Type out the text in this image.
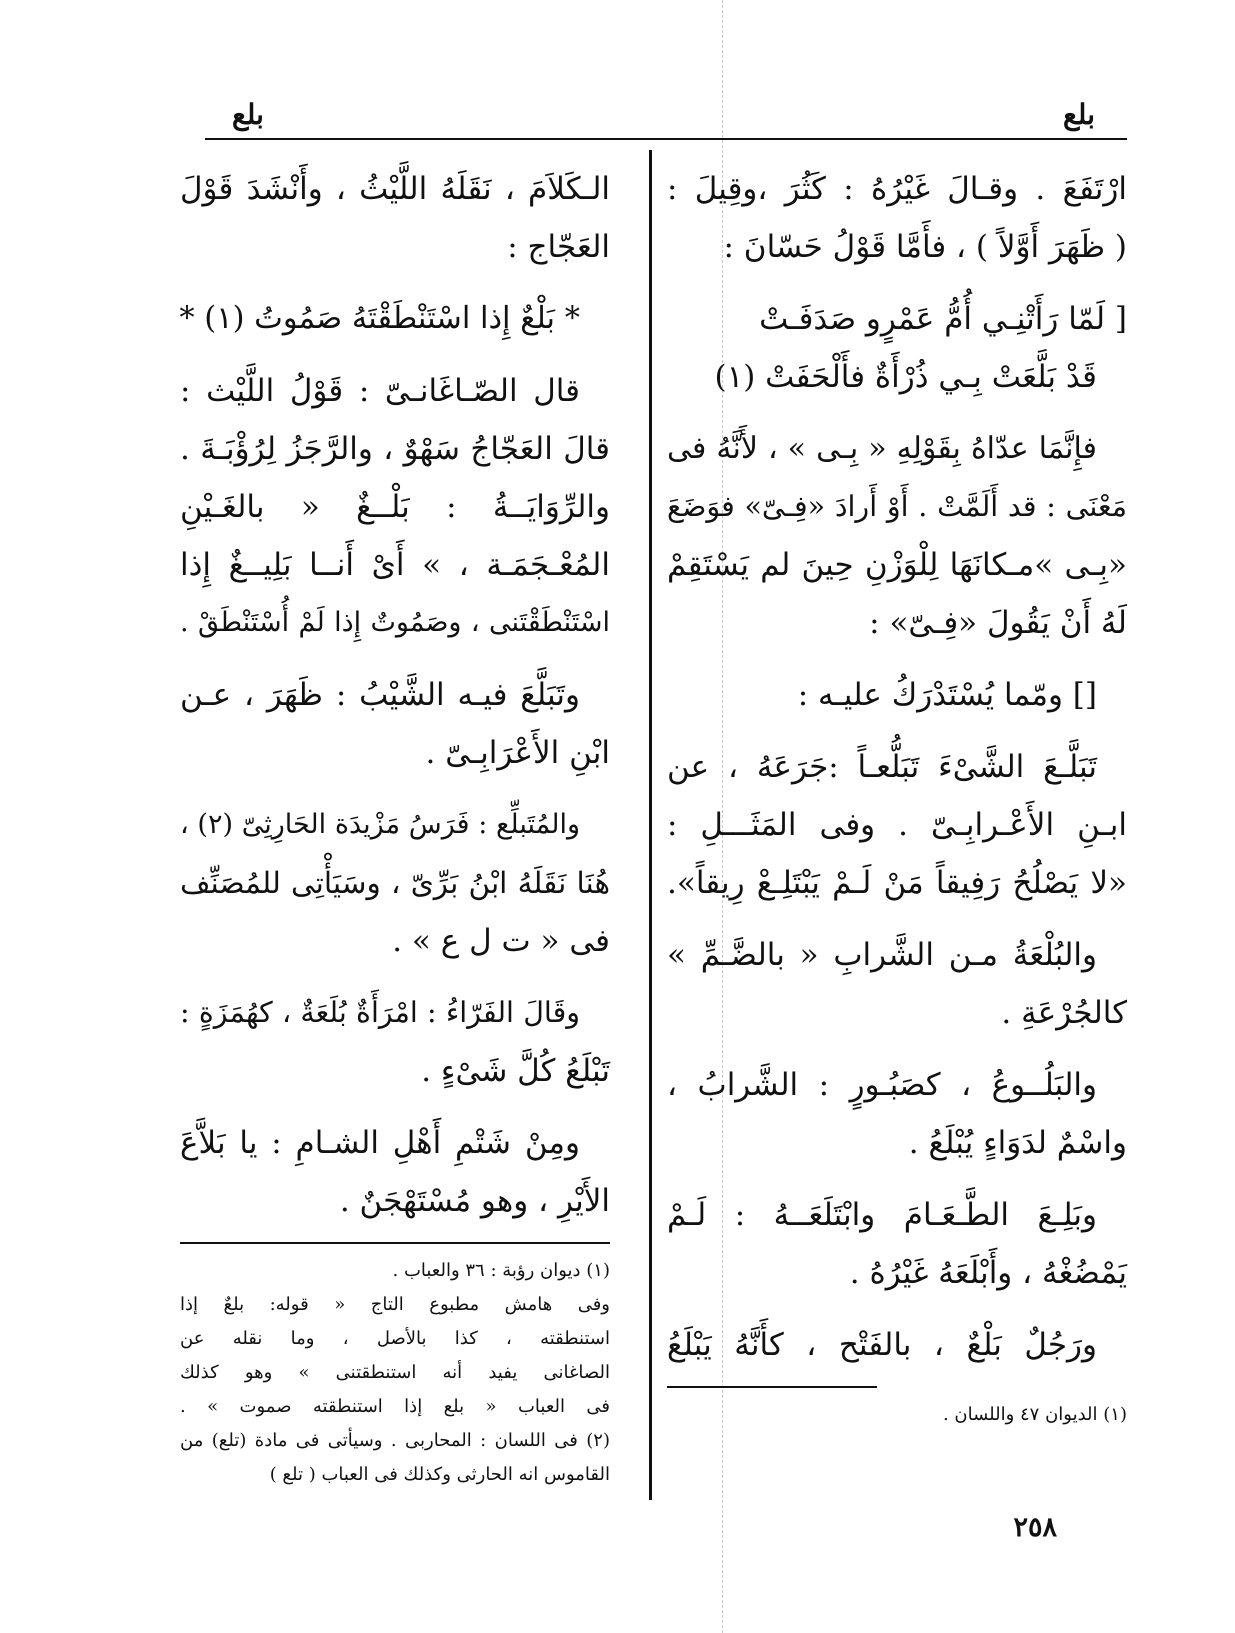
بلع	بلع
ارْتَفَعَ . وقـالَ غَيْرُهُ : كَثُرَ ،وقِيلَ :
( ظَهَرَ أَوَّلاً ) ، فأَمَّا قَوْلُ حَسّانَ :
[ لَمّا رَأَتْنِـي أُمُّ عَمْرٍو صَدَفَـتْ
قَدْ بَلَّعَتْ بِـي ذُرْأَةٌ فأَلْحَفَتْ (١)
فإِنَّمَا عدّاهُ بِقَوْلِهِ « بِـى » ، لأَنَّهُ فى
مَعْنَى : قد أَلَمَّتْ . أَوْ أَرادَ «فِـىّ» فوَضَعَ
«بِـى »مـكانَهَا لِلْوَزْنِ حِينَ لم يَسْتَقِمْ
لَهُ أَنْ يَقُولَ «فِـىّ» :
[] ومّما يُسْتَدْرَكُ عليـه :
تَبَلَّـعَ الشَّىْءَ تَبَلُّعـاً :جَرَعَهُ ، عن
ابـنِ الأَعْـرابِـىّ . وفى المَثَـــلِ :
«لا يَصْلُحُ رَفِيقاً مَنْ لَـمْ يَبْتَلِـعْ رِيقاً».
والبُلْعَةُ مـن الشَّرابِ « بالضَّـمِّ »
كالجُرْعَةِ .
والبَلُــوعُ ، كصَبُـورٍ : الشَّرابُ ،
واسْمٌ لدَوَاءٍ يُبْلَعُ .
وبَلِـعَ الطَّـعَـامَ وابْتَلَعَــهُ : لَـمْ
يَمْضُغْهُ ، وأَبْلَعَهُ غَيْرُهُ .
ورَجُلٌ بَلْعٌ ، بالفَتْح ، كأَنَّهُ يَبْلَعُ
(١) الديوان ٤٧ واللسان .
الـكَلاَمَ ، نَقَلَهُ اللَّيْثُ ، وأَنْشَدَ قَوْلَ
العَجّاج :
* بَلْعٌ إِذا اسْتَنْطَقْتَهُ صَمُوتُ (١) *
قال الصّـاغَانـىّ : قَوْلُ اللَّيْث :
قالَ العَجّاجُ سَهْوٌ ، والرَّجَزُ لِرُؤْبَـةَ .
والرِّوَايَــةُ : بَلْــغٌ « بالغَـيْنِ
المُعْـجَمَـة ، » أَىْ أَنــا بَلِيــغٌ إِذا
اسْتَنْطَقْتَنى ، وصَمُوتٌ إِذا لَمْ أُسْتَنْطَقْ .
وتَبَلَّعَ فيـه الشَّيْبُ : ظَهَرَ ، عـن
ابْنِ الأَعْرَابِـىّ .
والمُتَبلِّع : فَرَسُ مَزْيدَة الحَارِثِىّ (٢) ،
هُنَا نَقَلَهُ ابْنُ بَرِّىّ ، وسَيَأْتِى للمُصَنِّف
فى « ت ل ع » .
وقَالَ الفَرّاءُ : امْرَأَةٌ بُلَعَةٌ ، كهُمَزَةٍ :
تَبْلَعُ كُلَّ شَىْءٍ .
ومِنْ شَتْمِ أَهْلِ الشـامِ : يا بَلاَّعَ
الأَيْرِ ، وهو مُسْتَهْجَنٌ .
(١) ديوان رؤبة : ٣٦ والعباب .
وفى هامش مطبوع التاج « قوله: بلعٌ إذا
استنطقته ، كذا بالأصل ، وما نقله عن
الصاغانى يفيد أنه استنطقتنى » وهو كذلك
فى العباب « بلع إذا استنطقته صموت » .
(٢) فى اللسان : المحاربى . وسيأتى فى مادة (تلع) من
القاموس انه الحارثى وكذلك فى العباب ( تلع )
٢٥٨
